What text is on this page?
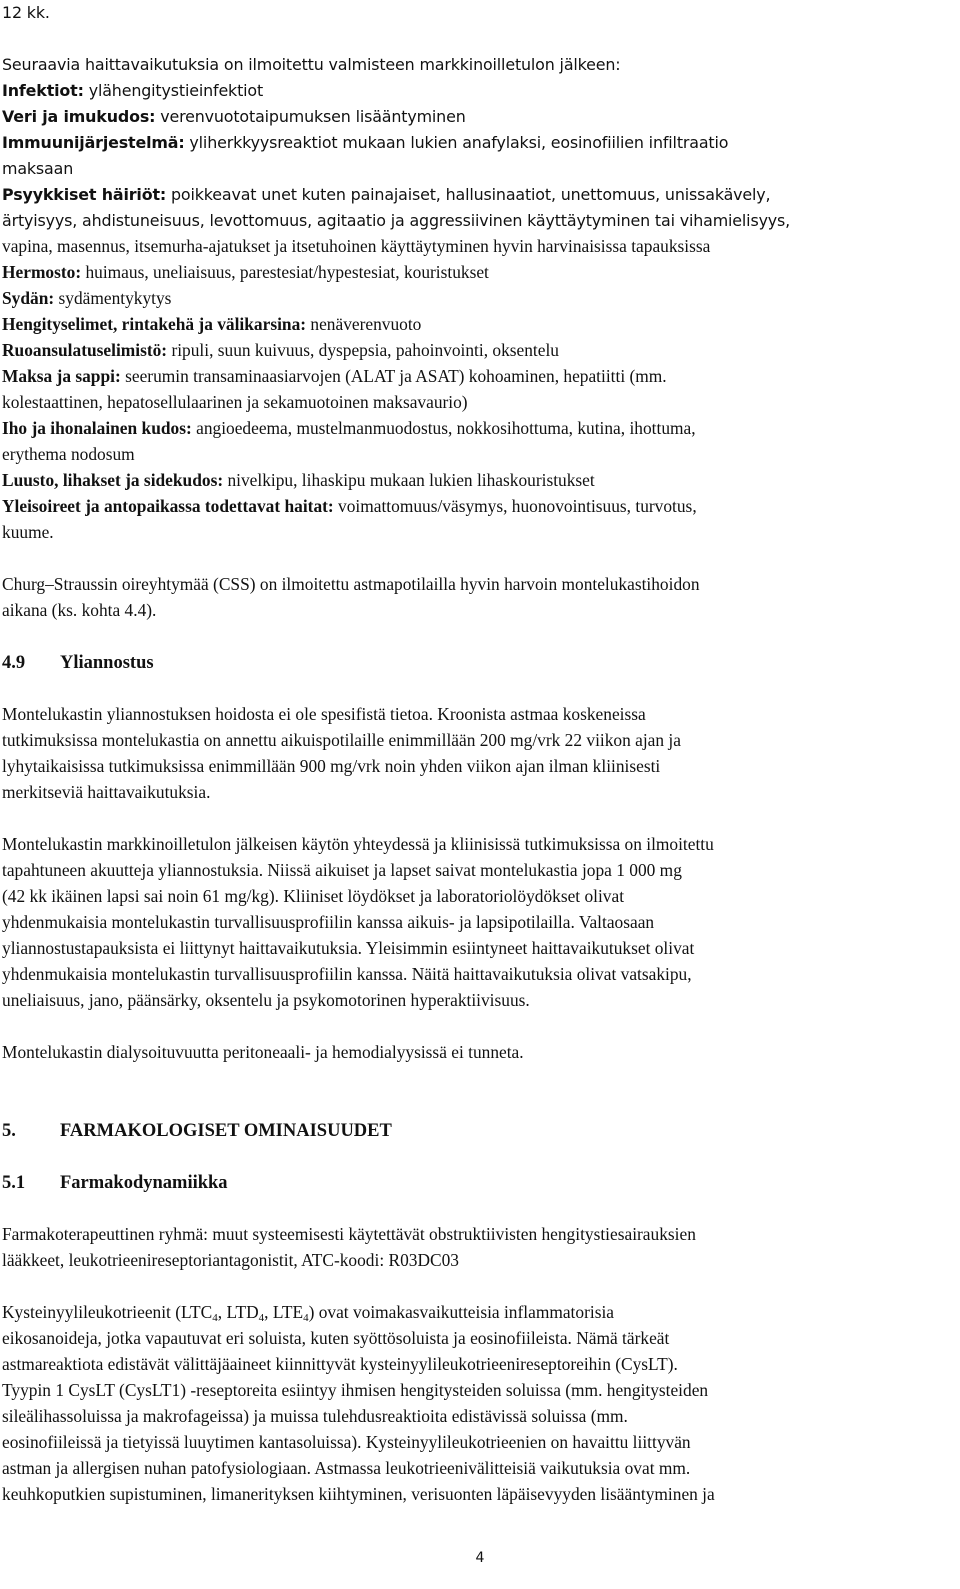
12 kk.
Seuraavia haittavaikutuksia on ilmoitettu valmisteen markkinoilletulon jälkeen:
Infektiot: ylähengitystieinfektiot
Veri ja imukudos: verenvuototaipumuksen lisääntyminen
Immuunijärjestelmä: yliherkkyysreaktiot mukaan lukien anafylaksi, eosinofiilien infiltraatio
maksaan
Psyykkiset häiriöt: poikkeavat unet kuten painajaiset, hallusinaatiot, unettomuus, unissakävely,
ärtyisyys, ahdistuneisuus, levottomuus, agitaatio ja aggressiivinen käyttäytyminen tai vihamielisyys,
vapina, masennus, itsemurha-ajatukset ja itsetuhoinen käyttäytyminen hyvin harvinaisissa tapauksissa
Hermosto: huimaus, uneliaisuus, parestesiat/hypestesiat, kouristukset
Sydän: sydämentykytys
Hengityselimet, rintakehä ja välikarsina: nenäverenvuoto
Ruoansulatuselimistö: ripuli, suun kuivuus, dyspepsia, pahoinvointi, oksentelu
Maksa ja sappi: seerumin transaminaasiarvojen (ALAT ja ASAT) kohoaminen, hepatiitti (mm.
kolestaattinen, hepatosellulaarinen ja sekamuotoinen maksavaurio)
Iho ja ihonalainen kudos: angioedeema, mustelmanmuodostus, nokkosihottuma, kutina, ihottuma,
erythema nodosum
Luusto, lihakset ja sidekudos: nivelkipu, lihaskipu mukaan lukien lihaskouristukset
Yleisoireet ja antopaikassa todettavat haitat: voimattomuus/väsymys, huonovointisuus, turvotus,
kuume.
Churg–Straussin oireyhtymää (CSS) on ilmoitettu astmapotilailla hyvin harvoin montelukastihoidon
aikana (ks. kohta 4.4).
4.9 Yliannostus
Montelukastin yliannostuksen hoidosta ei ole spesifistä tietoa. Kroonista astmaa koskeneissa
tutkimuksissa montelukastia on annettu aikuispotilaille enimmillään 200 mg/vrk 22 viikon ajan ja
lyhytaikaisissa tutkimuksissa enimmillään 900 mg/vrk noin yhden viikon ajan ilman kliinisesti
merkitseviä haittavaikutuksia.
Montelukastin markkinoilletulon jälkeisen käytön yhteydessä ja kliinisissä tutkimuksissa on ilmoitettu
tapahtuneen akuutteja yliannostuksia. Niissä aikuiset ja lapset saivat montelukastia jopa 1 000 mg
(42 kk ikäinen lapsi sai noin 61 mg/kg). Kliiniset löydökset ja laboratoriolöydökset olivat
yhdenmukaisia montelukastin turvallisuusprofiilin kanssa aikuis- ja lapsipotilailla. Valtaosaan
yliannostustapauksista ei liittynyt haittavaikutuksia. Yleisimmin esiintyneet haittavaikutukset olivat
yhdenmukaisia montelukastin turvallisuusprofiilin kanssa. Näitä haittavaikutuksia olivat vatsakipu,
uneliaisuus, jano, päänsärky, oksentelu ja psykomotorinen hyperaktiivisuus.
Montelukastin dialysoituvuutta peritoneaali- ja hemodialyysissä ei tunneta.
5. FARMAKOLOGISET OMINAISUUDET
5.1 Farmakodynamiikka
Farmakoterapeuttinen ryhmä: muut systeemisesti käytettävät obstruktiivisten hengitystiesairauksien
lääkkeet, leukotrieenireseptoriantagonistit, ATC-koodi: R03DC03
Kysteinyylileukotrieenit ($LTC_4$, $LTD_4$, $LTE_4$) ovat voimakasvaikutteisia inflammatorisia
eikosanoideja, jotka vapautuvat eri soluista, kuten syöttösoluista ja eosinofiileista. Nämä tärkeät
astmareaktiota edistävät välittäjäaineet kiinnittyvät kysteinyylileukotrieenireseptoreihin (CysLT).
Tyypin 1 CysLT (CysLT1) -reseptoreita esiintyy ihmisen hengitysteiden soluissa (mm. hengitysteiden
sileälihassoluissa ja makrofageissa) ja muissa tulehdusreaktioita edistävissä soluissa (mm.
eosinofiileissä ja tietyissä luuytimen kantasoluissa). Kysteinyylileukotrieenien on havaittu liittyvän
astman ja allergisen nuhan patofysiologiaan. Astmassa leukotrieenivälitteisiä vaikutuksia ovat mm.
keuhkoputkien supistuminen, limanerityksen kiihtyminen, verisuonten läpäisevyyden lisääntyminen ja
4
